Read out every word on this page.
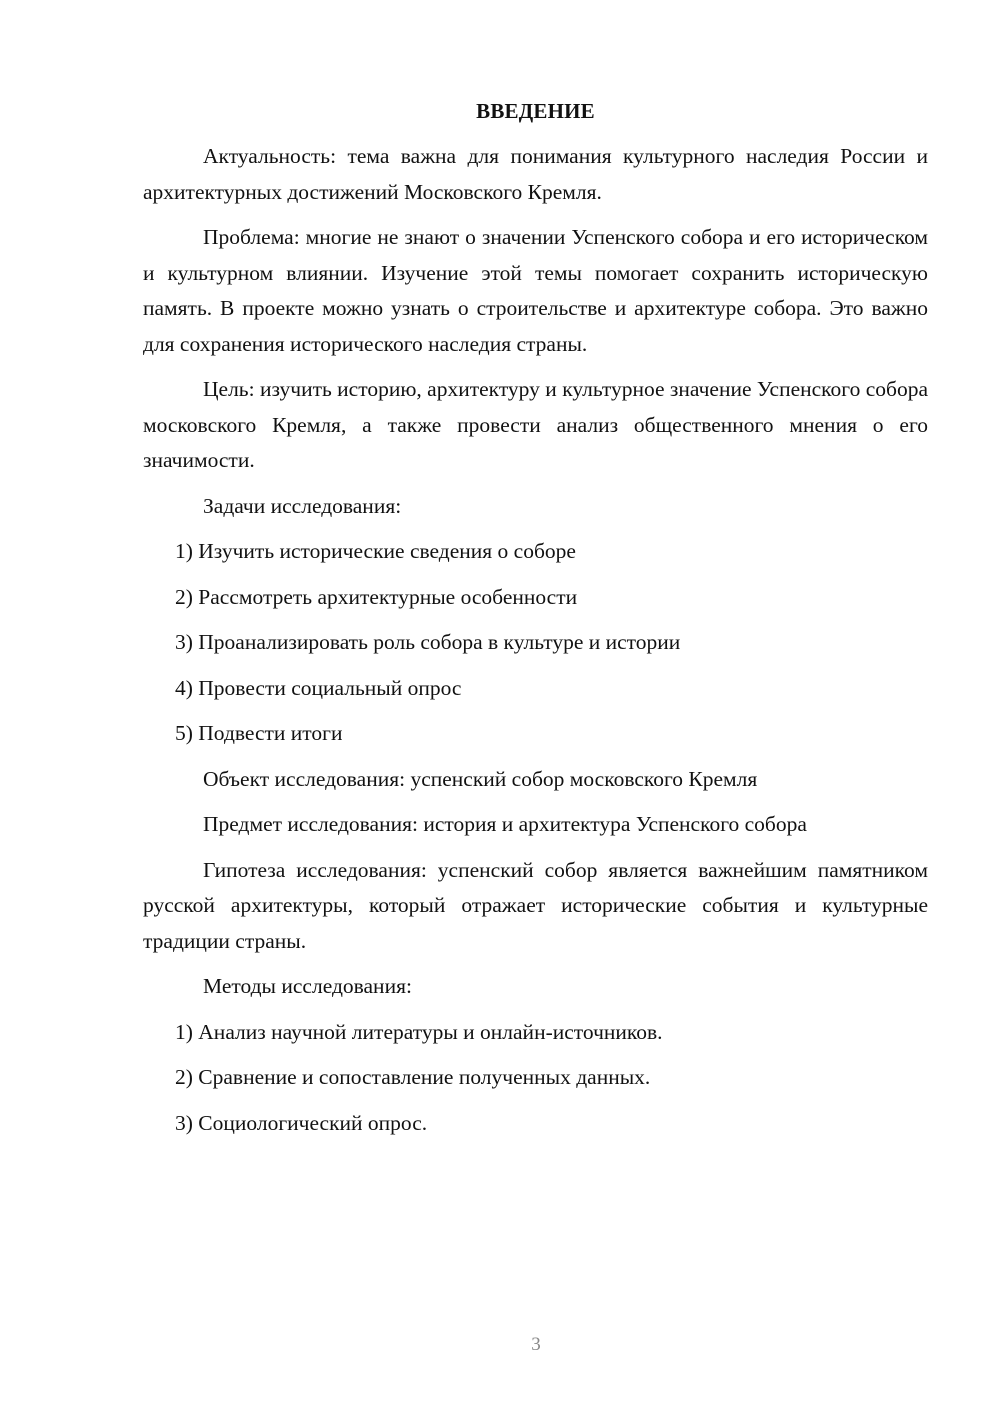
ВВЕДЕНИЕ
Актуальность: тема важна для понимания культурного наследия России и архитектурных достижений Московского Кремля.
Проблема: многие не знают о значении Успенского собора и его историческом и культурном влиянии. Изучение этой темы помогает сохранить историческую память. В проекте можно узнать о строительстве и архитектуре собора. Это важно для сохранения исторического наследия страны.
Цель: изучить историю, архитектуру и культурное значение Успенского собора московского Кремля, а также провести анализ общественного мнения о его значимости.
Задачи исследования:
1) Изучить исторические сведения о соборе
2) Рассмотреть архитектурные особенности
3) Проанализировать роль собора в культуре и истории
4) Провести социальный опрос
5) Подвести итоги
Объект исследования: успенский собор московского Кремля
Предмет исследования: история и архитектура Успенского собора
Гипотеза исследования: успенский собор является важнейшим памятником русской архитектуры, который отражает исторические события и культурные традиции страны.
Методы исследования:
1) Анализ научной литературы и онлайн-источников.
2) Сравнение и сопоставление полученных данных.
3) Социологический опрос.
3
